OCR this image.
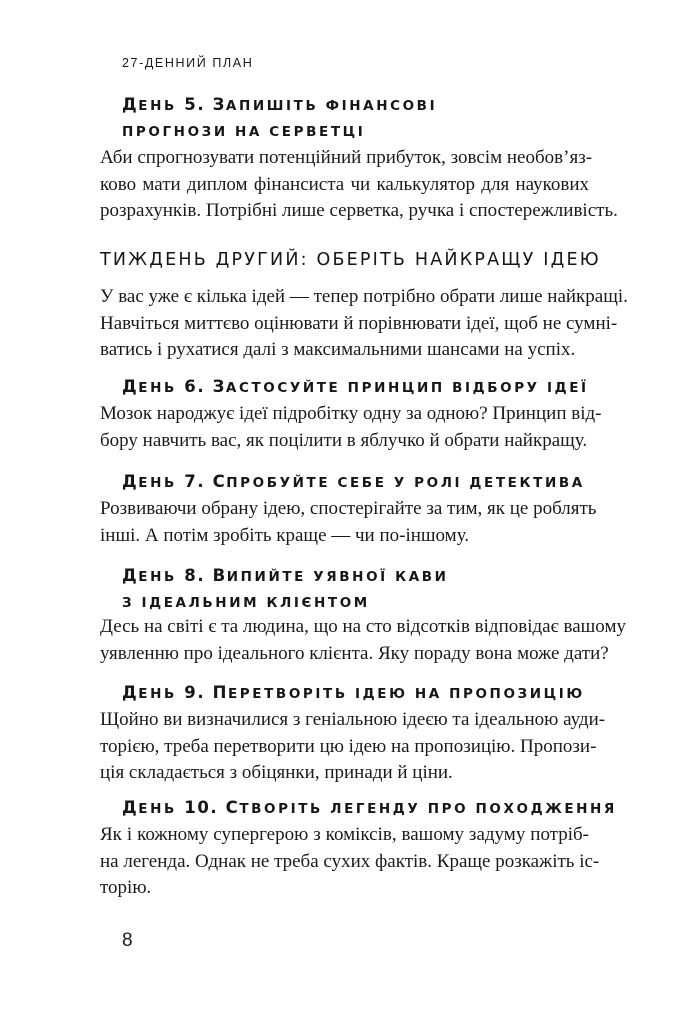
27-ДЕННИЙ ПЛАН
ДЕНЬ 5. ЗАПИШІТЬ ФІНАНСОВІ
ПРОГНОЗИ НА СЕРВЕТЦІ
Аби спрогнозувати потенційний прибуток, зовсім необов’яз-
ково мати диплом фінансиста чи калькулятор для наукових
розрахунків. Потрібні лише серветка, ручка і спостережливість.
ТИЖДЕНЬ ДРУГИЙ: ОБЕРІТЬ НАЙКРАЩУ ІДЕЮ
У вас уже є кілька ідей — тепер потрібно обрати лише найкращі.
Навчіться миттєво оцінювати й порівнювати ідеї, щоб не сумні-
ватись і рухатися далі з максимальними шансами на успіх.
ДЕНЬ 6. ЗАСТОСУЙТЕ ПРИНЦИП ВІДБОРУ ІДЕЇ
Мозок народжує ідеї підробітку одну за одною? Принцип від-
бору навчить вас, як поцілити в яблучко й обрати найкращу.
ДЕНЬ 7. СПРОБУЙТЕ СЕБЕ У РОЛІ ДЕТЕКТИВА
Розвиваючи обрану ідею, спостерігайте за тим, як це роблять
інші. А потім зробіть краще — чи по-іншому.
ДЕНЬ 8. ВИПИЙТЕ УЯВНОЇ КАВИ
З ІДЕАЛЬНИМ КЛІЄНТОМ
Десь на світі є та людина, що на сто відсотків відповідає вашому
уявленню про ідеального клієнта. Яку пораду вона може дати?
ДЕНЬ 9. ПЕРЕТВОРІТЬ ІДЕЮ НА ПРОПОЗИЦІЮ
Щойно ви визначилися з геніальною ідеєю та ідеальною ауди-
торією, треба перетворити цю ідею на пропозицію. Пропози-
ція складається з обіцянки, принади й ціни.
ДЕНЬ 10. СТВОРІТЬ ЛЕГЕНДУ ПРО ПОХОДЖЕННЯ
Як і кожному супергерою з коміксів, вашому задуму потріб-
на легенда. Однак не треба сухих фактів. Краще розкажіть іс-
торію.
8
